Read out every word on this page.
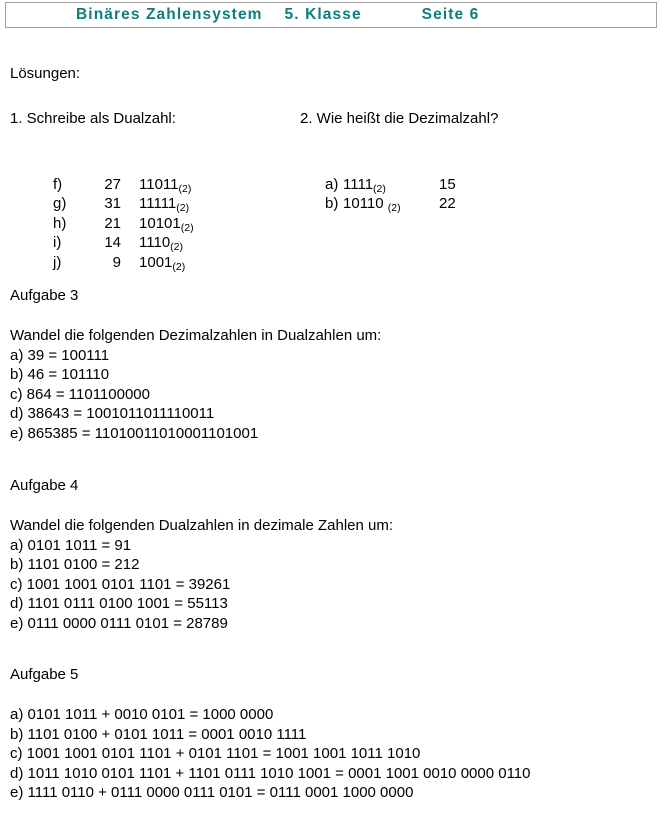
Binäres Zahlensystem 5. Klasse	Seite 6
Lösungen:
1. Schreibe als Dualzahl:	2. Wie heißt die Dezimalzahl?

f)	27 $11011_{(2)}$

g)	31 $11111_{(2)}$

h)	21 $10101_{(2)}$

i)	14 $1110_{(2)}$

j)	9 $1001_{(2)}$

a) $1111_{(2)}$	15

b) 10110 $_{(2)}$	22

Aufgabe 3
Wandel die folgenden Dezimalzahlen in Dualzahlen um:
a) 39 = 100111
b) 46 = 101110
c) 864 = 1101100000
d) 38643 = 1001011011110011
e) 865385 = 11010011010001101001
Aufgabe 4
Wandel die folgenden Dualzahlen in dezimale Zahlen um:
a) 0101 1011 = 91
b) 1101 0100 = 212
c) 1001 1001 0101 1101 = 39261
d) 1101 0111 0100 1001 = 55113
e) 0111 0000 0111 0101 = 28789
Aufgabe 5
a) 0101 1011 + 0010 0101 = 1000 0000
b) 1101 0100 + 0101 1011 = 0001 0010 1111
c) 1001 1001 0101 1101 + 0101 1101 = 1001 1001 1011 1010
d) 1011 1010 0101 1101 + 1101 0111 1010 1001 = 0001 1001 0010 0000 0110
e) 1111 0110 + 0111 0000 0111 0101 = 0111 0001 1000 0000
